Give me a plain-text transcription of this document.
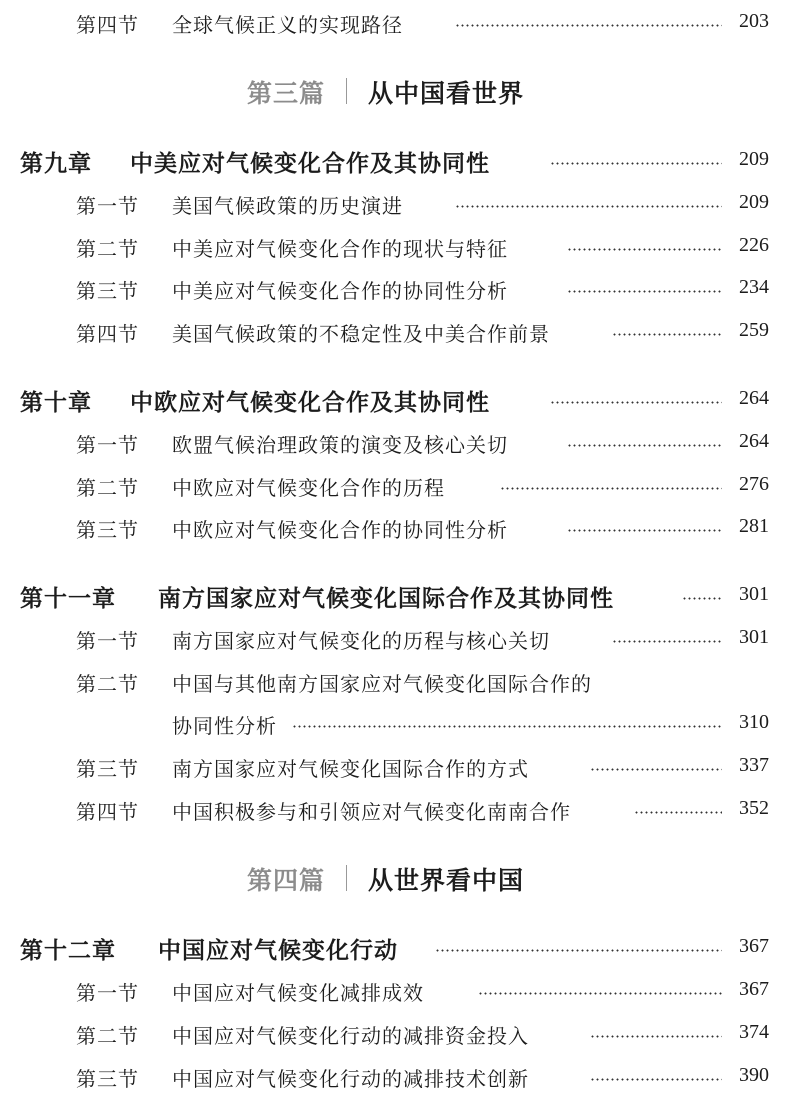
第四节 全球气候正义的实现路径	203
第三篇 从中国看世界
第九章 中美应对气候变化合作及其协同性	209
第一节 美国气候政策的历史演进	209
第二节 中美应对气候变化合作的现状与特征	226
第三节 中美应对气候变化合作的协同性分析	234
第四节 美国气候政策的不稳定性及中美合作前景	259
第十章 中欧应对气候变化合作及其协同性	264
第一节 欧盟气候治理政策的演变及核心关切	264
第二节 中欧应对气候变化合作的历程	276
第三节 中欧应对气候变化合作的协同性分析	281
第十一章 南方国家应对气候变化国际合作及其协同性	301
第一节 南方国家应对气候变化的历程与核心关切	301
第二节 中国与其他南方国家应对气候变化国际合作的
协同性分析	310
第三节 南方国家应对气候变化国际合作的方式	337
第四节 中国积极参与和引领应对气候变化南南合作	352
第四篇 从世界看中国
第十二章 中国应对气候变化行动	367
第一节 中国应对气候变化减排成效	367
第二节 中国应对气候变化行动的减排资金投入	374
第三节 中国应对气候变化行动的减排技术创新	390
